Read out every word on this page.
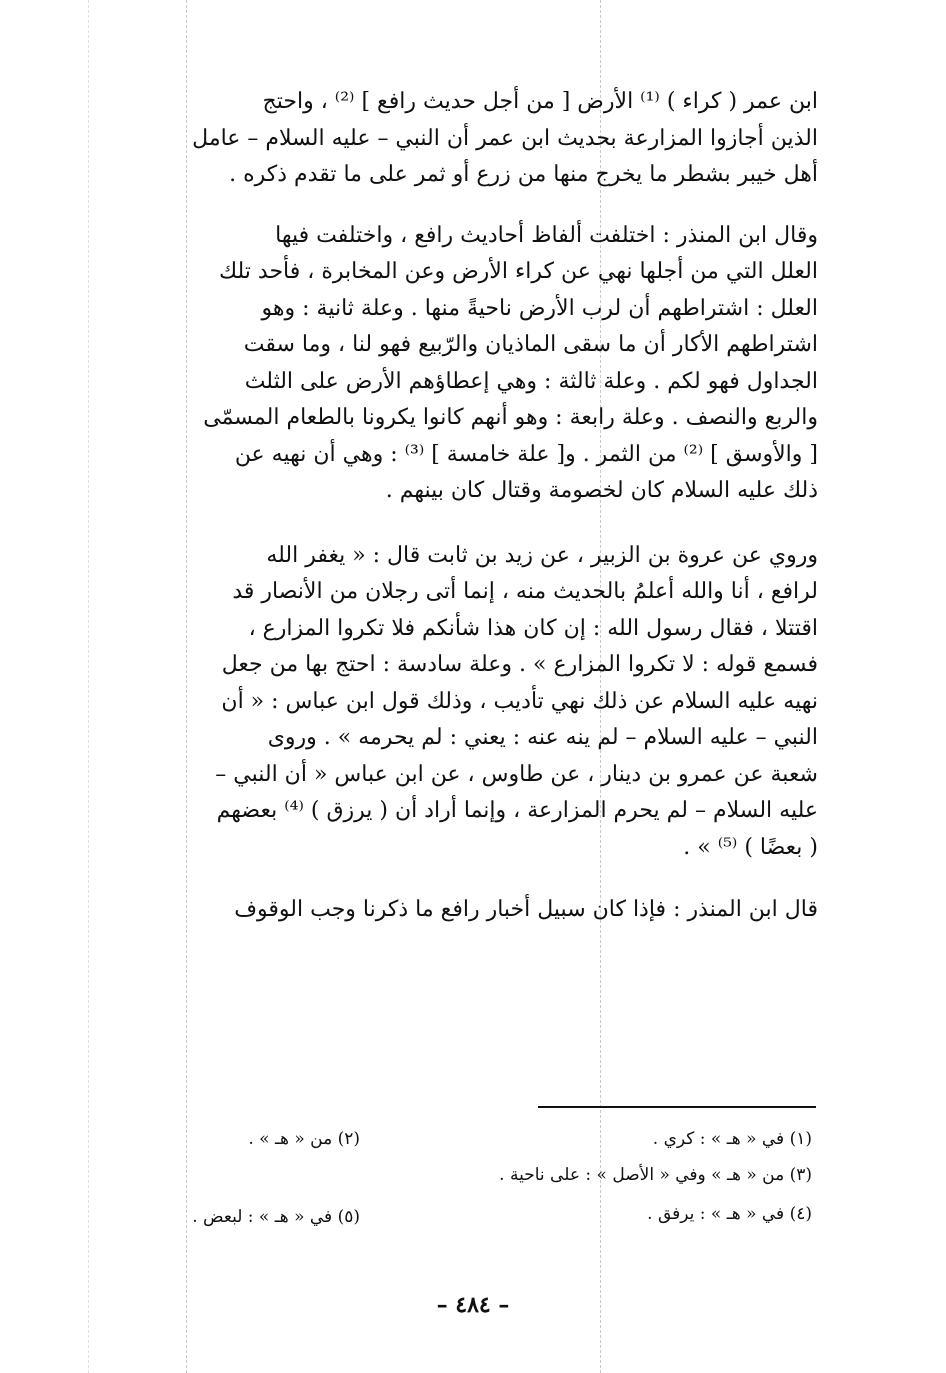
ابن عمر ( كراء ) ⁽¹⁾ الأرض [ من أجل حديث رافع ] ⁽²⁾ ، واحتج

الذين أجازوا المزارعة بحديث ابن عمر أن النبي – عليه السلام – عامل

أهل خيبر بشطر ما يخرج منها من زرع أو ثمر على ما تقدم ذكره .

وقال ابن المنذر : اختلفت ألفاظ أحاديث رافع ، واختلفت فيها

العلل التي من أجلها نهي عن كراء الأرض وعن المخابرة ، فأحد تلك

العلل : اشتراطهم أن لرب الأرض ناحيةً منها . وعلة ثانية : وهو

اشتراطهم الأكار أن ما سقى الماذيان والرّبيع فهو لنا ، وما سقت

الجداول فهو لكم . وعلة ثالثة : وهي إعطاؤهم الأرض على الثلث

والربع والنصف . وعلة رابعة : وهو أنهم كانوا يكرونا بالطعام المسمّى

[ والأوسق ] ⁽²⁾ من الثمر . و[ علة خامسة ] ⁽³⁾ : وهي أن نهيه عن

ذلك عليه السلام كان لخصومة وقتال كان بينهم .

وروي عن عروة بن الزبير ، عن زيد بن ثابت قال : « يغفر الله

لرافع ، أنا والله أعلمُ بالحديث منه ، إنما أتى رجلان من الأنصار قد

اقتتلا ، فقال رسول الله : إن كان هذا شأنكم فلا تكروا المزارع ،

فسمع قوله : لا تكروا المزارع » . وعلة سادسة : احتج بها من جعل

نهيه عليه السلام عن ذلك نهي تأديب ، وذلك قول ابن عباس : « أن

النبي – عليه السلام – لم ينه عنه : يعني : لم يحرمه » . وروى

شعبة عن عمرو بن دينار ، عن طاوس ، عن ابن عباس « أن النبي –

عليه السلام – لم يحرم المزارعة ، وإنما أراد أن ( يرزق ) ⁽⁴⁾ بعضهم

( بعضًا ) ⁽⁵⁾ » .

قال ابن المنذر : فإذا كان سبيل أخبار رافع ما ذكرنا وجب الوقوف

(١) في « هـ » : كري .
(٢) من « هـ » .
(٣) من « هـ » وفي « الأصل » : على ناحية .
(٤) في « هـ » : يرفق .
(٥) في « هـ » : لبعض .
– ٤٨٤ –
